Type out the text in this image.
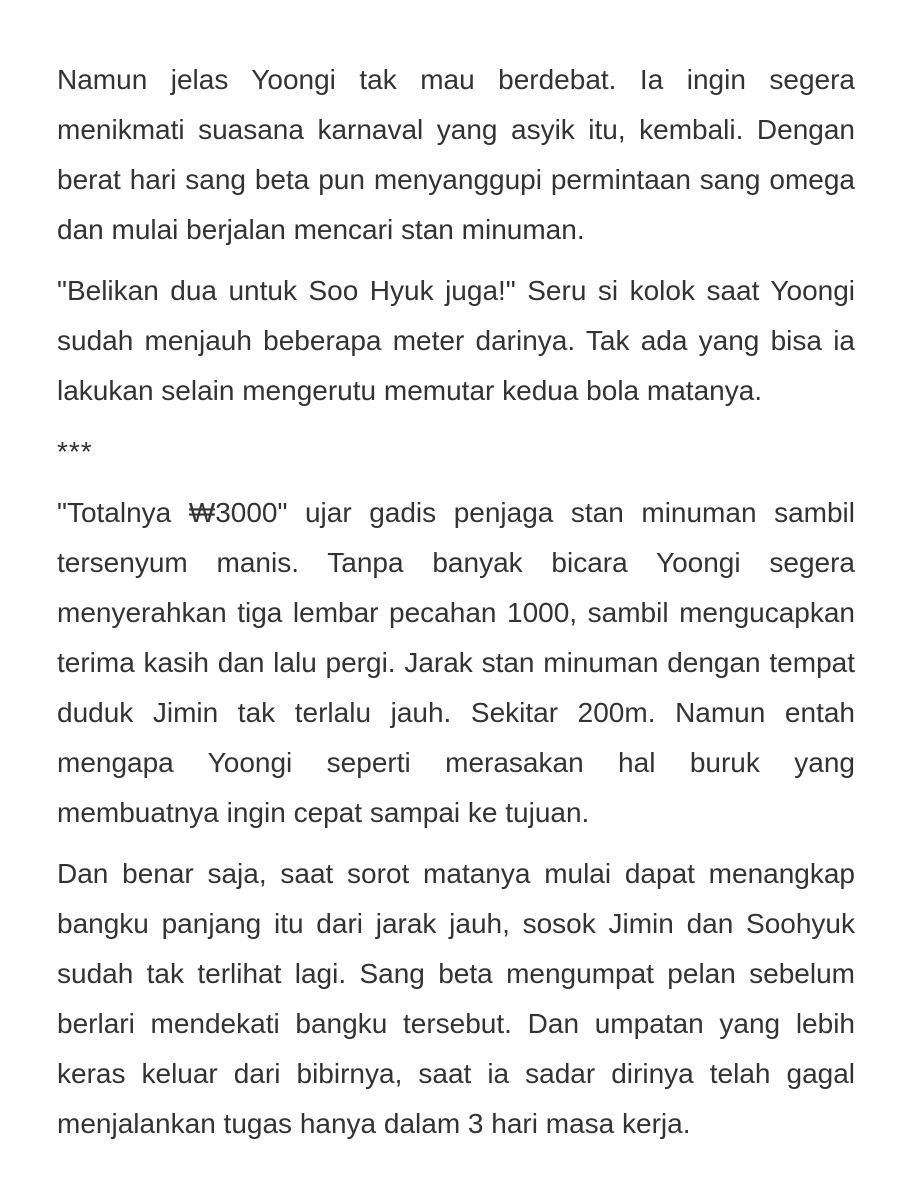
Namun jelas Yoongi tak mau berdebat. Ia ingin segera menikmati suasana karnaval yang asyik itu, kembali. Dengan berat hari sang beta pun menyanggupi permintaan sang omega dan mulai berjalan mencari stan minuman.

"Belikan dua untuk Soo Hyuk juga!" Seru si kolok saat Yoongi sudah menjauh beberapa meter darinya. Tak ada yang bisa ia lakukan selain mengerutu memutar kedua bola matanya.

***

"Totalnya ₩3000" ujar gadis penjaga stan minuman sambil tersenyum manis. Tanpa banyak bicara Yoongi segera menyerahkan tiga lembar pecahan 1000, sambil mengucapkan terima kasih dan lalu pergi. Jarak stan minuman dengan tempat duduk Jimin tak terlalu jauh. Sekitar 200m. Namun entah mengapa Yoongi seperti merasakan hal buruk yang membuatnya ingin cepat sampai ke tujuan.

Dan benar saja, saat sorot matanya mulai dapat menangkap bangku panjang itu dari jarak jauh, sosok Jimin dan Soohyuk sudah tak terlihat lagi. Sang beta mengumpat pelan sebelum berlari mendekati bangku tersebut. Dan umpatan yang lebih keras keluar dari bibirnya, saat ia sadar dirinya telah gagal menjalankan tugas hanya dalam 3 hari masa kerja.
